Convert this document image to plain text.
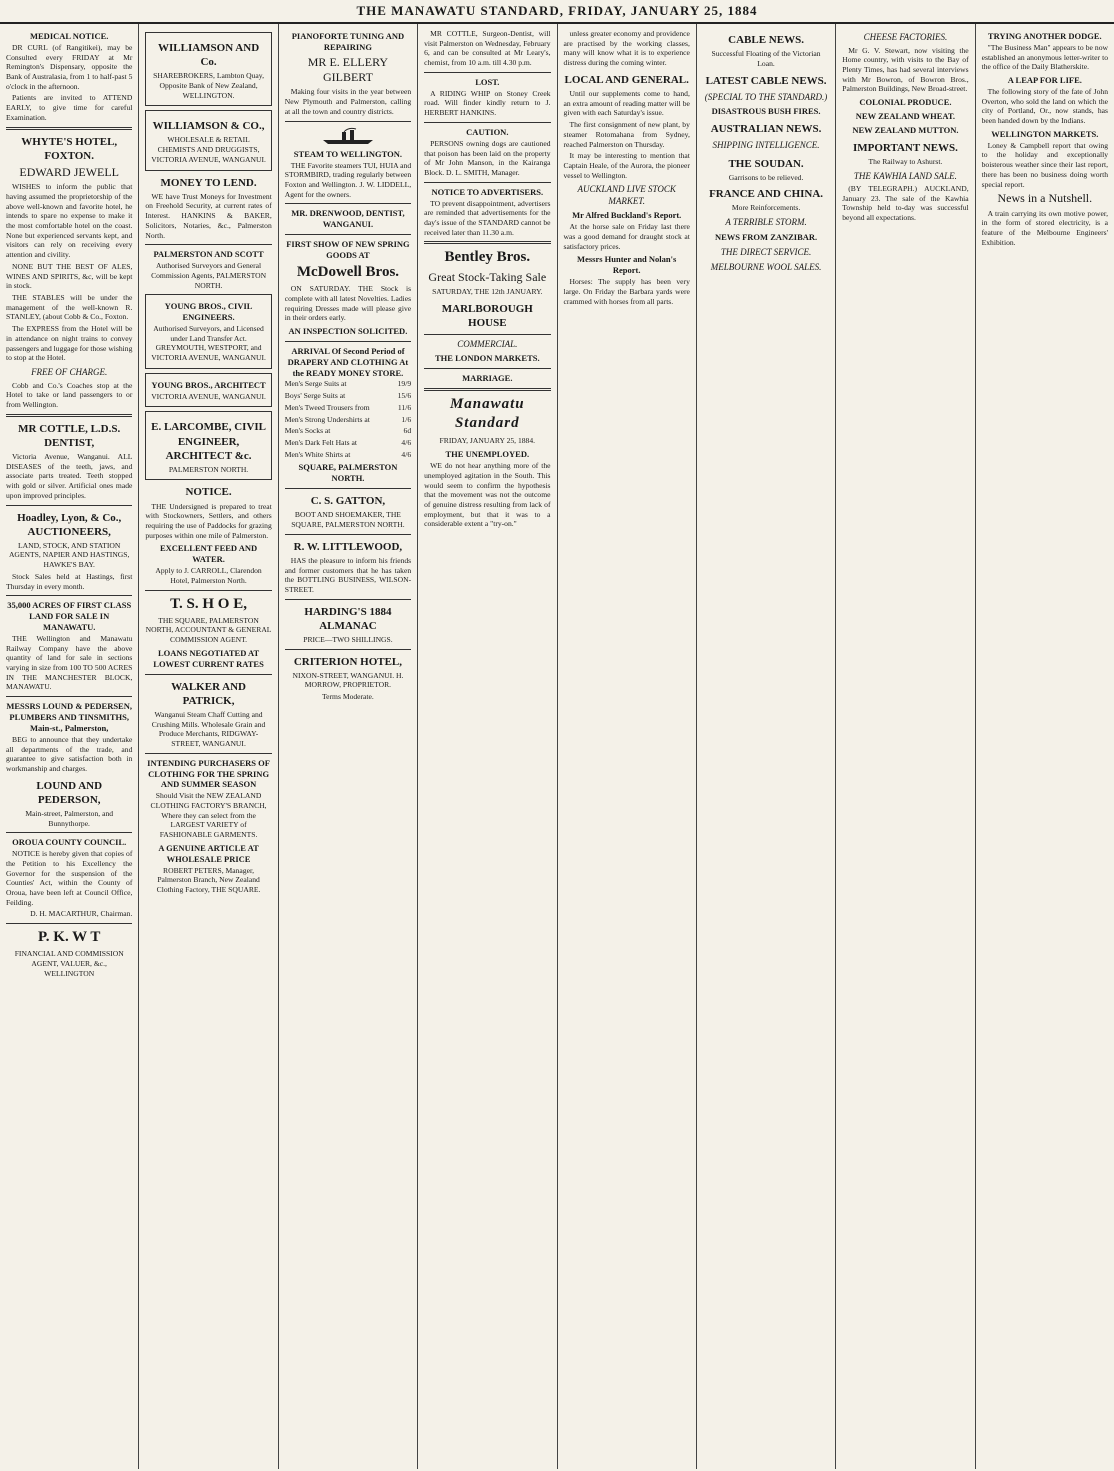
THE MANAWATU STANDARD, FRIDAY, JANUARY 25, 1884
MEDICAL NOTICE.

DR CURL (of Rangitikei), may be Consulted every FRIDAY at Mr Remington's Dispensary, opposite the Bank of Australasia, from 1 to half-past 5 o'clock in the afternoon.

Patients are invited to ATTEND EARLY, to give time for careful Examination.

WHYTE'S HOTEL, FOXTON.
EDWARD JEWELL

WISHES to inform the public that having assumed the proprietorship of the above well-known and favorite hotel, he intends to spare no expense to make it the most comfortable hotel on the coast. None but experienced servants kept, and visitors can rely on receiving every attention and civility.

NONE BUT THE BEST OF ALES, WINES AND SPIRITS, &c, will be kept in stock.

THE STABLES will be under the management of the well-known R. STANLEY, (about Cobb & Co., Foxton.

The EXPRESS from the Hotel will be in attendance on night trains to convey passengers and luggage for those wishing to stop at the Hotel.

FREE OF CHARGE.

Cobb and Co.'s Coaches stop at the Hotel to take or land passengers to or from Wellington.

MR COTTLE, L.D.S. DENTIST,

Victoria Avenue, Wanganui. ALL DISEASES of the teeth, jaws, and associate parts treated. Teeth stopped with gold or silver. Artificial ones made upon improved principles.

Hoadley, Lyon, & Co., AUCTIONEERS,

LAND, STOCK, AND STATION AGENTS, NAPIER AND HASTINGS, HAWKE'S BAY.

Stock Sales held at Hastings, first Thursday in every month.

35,000 ACRES OF FIRST CLASS LAND FOR SALE IN MANAWATU.

THE Wellington and Manawatu Railway Company have the above quantity of land for sale in sections varying in size from 100 TO 500 ACRES IN THE MANCHESTER BLOCK, MANAWATU.

MESSRS LOUND & PEDERSEN, PLUMBERS AND TINSMITHS, Main-st., Palmerston,

BEG to announce that they undertake all departments of the trade, and guarantee to give satisfaction both in workmanship and charges.

LOUND AND PEDERSON,

Main-street, Palmerston, and Bunnythorpe.

OROUA COUNTY COUNCIL.

NOTICE is hereby given that copies of the Petition to his Excellency the Governor for the suspension of the Counties' Act, within the County of Oroua, have been left at Council Office, Feilding.

D. H. MACARTHUR, Chairman.

P. K. W T

FINANCIAL AND COMMISSION AGENT, VALUER, &c., WELLINGTON

WILLIAMSON AND Co.

SHAREBROKERS, Lambton Quay, Opposite Bank of New Zealand, WELLINGTON.

WILLIAMSON & CO.,

WHOLESALE & RETAIL CHEMISTS AND DRUGGISTS, VICTORIA AVENUE, WANGANUI.

MONEY TO LEND.

WE have Trust Moneys for Investment on Freehold Security, at current rates of Interest. HANKINS & BAKER, Solicitors, Notaries, &c., Palmerston North.

PALMERSTON AND SCOTT

Authorised Surveyors and General Commission Agents, PALMERSTON NORTH.

YOUNG BROS., CIVIL ENGINEERS.

Authorised Surveyors, and Licensed under Land Transfer Act. GREYMOUTH, WESTPORT, and VICTORIA AVENUE, WANGANUI.

YOUNG BROS., ARCHITECT

VICTORIA AVENUE, WANGANUI.

E. LARCOMBE, CIVIL ENGINEER, ARCHITECT &c.

PALMERSTON NORTH.

NOTICE.

THE Undersigned is prepared to treat with Stockowners, Settlers, and others requiring the use of Paddocks for grazing purposes within one mile of Palmerston.

EXCELLENT FEED AND WATER.

Apply to J. CARROLL, Clarendon Hotel, Palmerston North.

T. S. H O E,

THE SQUARE, PALMERSTON NORTH, ACCOUNTANT & GENERAL COMMISSION AGENT.

LOANS NEGOTIATED AT LOWEST CURRENT RATES
WALKER AND PATRICK,

Wanganui Steam Chaff Cutting and Crushing Mills. Wholesale Grain and Produce Merchants, RIDGWAY-STREET, WANGANUI.

INTENDING PURCHASERS OF CLOTHING FOR THE SPRING AND SUMMER SEASON

Should Visit the NEW ZEALAND CLOTHING FACTORY'S BRANCH, Where they can select from the LARGEST VARIETY of FASHIONABLE GARMENTS.

A GENUINE ARTICLE AT WHOLESALE PRICE

ROBERT PETERS, Manager, Palmerston Branch, New Zealand Clothing Factory, THE SQUARE.

PIANOFORTE TUNING AND REPAIRING
MR E. ELLERY GILBERT

Making four visits in the year between New Plymouth and Palmerston, calling at all the town and country districts.

STEAM TO WELLINGTON.

THE Favorite steamers TUI, HUIA and STORMBIRD, trading regularly between Foxton and Wellington. J. W. LIDDELL, Agent for the owners.

MR. DRENWOOD, DENTIST, WANGANUI.
FIRST SHOW OF NEW SPRING GOODS AT
McDowell Bros.

ON SATURDAY. THE Stock is complete with all latest Novelties. Ladies requiring Dresses made will please give in their orders early.

AN INSPECTION SOLICITED.
ARRIVAL Of Second Period of DRAPERY AND CLOTHING At the READY MONEY STORE.

Men's Serge Suits at	19/9

Boys' Serge Suits at	15/6

Men's Tweed Trousers from	11/6

Men's Strong Undershirts at	1/6

Men's Socks at	6d

Men's Dark Felt Hats at	4/6

Men's White Shirts at	4/6

SQUARE, PALMERSTON NORTH.
C. S. GATTON,

BOOT AND SHOEMAKER, THE SQUARE, PALMERSTON NORTH.

R. W. LITTLEWOOD,

HAS the pleasure to inform his friends and former customers that he has taken the BOTTLING BUSINESS, WILSON-STREET.

HARDING'S 1884 ALMANAC

PRICE—TWO SHILLINGS.

CRITERION HOTEL,

NIXON-STREET, WANGANUI. H. MORROW, PROPRIETOR.

Terms Moderate.

MR COTTLE, Surgeon-Dentist, will visit Palmerston on Wednesday, February 6, and can be consulted at Mr Leary's, chemist, from 10 a.m. till 4.30 p.m.

LOST.

A RIDING WHIP on Stoney Creek road. Will finder kindly return to J. HERBERT HANKINS.

CAUTION.

PERSONS owning dogs are cautioned that poison has been laid on the property of Mr John Manson, in the Kairanga Block. D. L. SMITH, Manager.

NOTICE TO ADVERTISERS.

TO prevent disappointment, advertisers are reminded that advertisements for the day's issue of the STANDARD cannot be received later than 11.30 a.m.

Bentley Bros.
Great Stock-Taking Sale

SATURDAY, THE 12th JANUARY.

MARLBOROUGH HOUSE
COMMERCIAL.
THE LONDON MARKETS.
MARRIAGE.
Manawatu Standard

FRIDAY, JANUARY 25, 1884.

THE UNEMPLOYED.

WE do not hear anything more of the unemployed agitation in the South. This would seem to confirm the hypothesis that the movement was not the outcome of genuine distress resulting from lack of employment, but that it was to a considerable extent a "try-on."

unless greater economy and providence are practised by the working classes, many will know what it is to experience distress during the coming winter.

LOCAL AND GENERAL.

Until our supplements come to hand, an extra amount of reading matter will be given with each Saturday's issue.

The first consignment of new plant, by steamer Rotomahana from Sydney, reached Palmerston on Thursday.

It may be interesting to mention that Captain Heale, of the Aurora, the pioneer vessel to Wellington.

AUCKLAND LIVE STOCK MARKET.
Mr Alfred Buckland's Report.

At the horse sale on Friday last there was a good demand for draught stock at satisfactory prices.

Messrs Hunter and Nolan's Report.

Horses: The supply has been very large. On Friday the Barbara yards were crammed with horses from all parts.

CABLE NEWS.

Successful Floating of the Victorian Loan.

LATEST CABLE NEWS.
(SPECIAL TO THE STANDARD.)
DISASTROUS BUSH FIRES.
AUSTRALIAN NEWS.
SHIPPING INTELLIGENCE.
THE SOUDAN.

Garrisons to be relieved.

FRANCE AND CHINA.

More Reinforcements.

A TERRIBLE STORM.
NEWS FROM ZANZIBAR.
THE DIRECT SERVICE.
MELBOURNE WOOL SALES.
CHEESE FACTORIES.

Mr G. V. Stewart, now visiting the Home country, with visits to the Bay of Plenty Times, has had several interviews with Mr Bowron, of Bowron Bros., Palmerston Buildings, New Broad-street.

COLONIAL PRODUCE.
NEW ZEALAND WHEAT.
NEW ZEALAND MUTTON.
IMPORTANT NEWS.

The Railway to Ashurst.

THE KAWHIA LAND SALE.

(BY TELEGRAPH.) AUCKLAND, January 23. The sale of the Kawhia Township held to-day was successful beyond all expectations.

TRYING ANOTHER DODGE.

"The Business Man" appears to be now established an anonymous letter-writer to the office of the Daily Blatherskite.

A LEAP FOR LIFE.

The following story of the fate of John Overton, who sold the land on which the city of Portland, Or., now stands, has been handed down by the Indians.

WELLINGTON MARKETS.

Loney & Campbell report that owing to the holiday and exceptionally boisterous weather since their last report, there has been no business doing worth special report.

News in a Nutshell.

A train carrying its own motive power, in the form of stored electricity, is a feature of the Melbourne Engineers' Exhibition.
